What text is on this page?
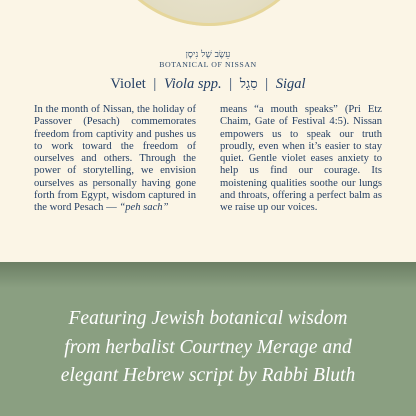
עֵשֶׂב שֶׁל נִיסָן
BOTANICAL OF NISSAN
Violet | Viola spp. | סִגַל | Sigal
In the month of Nissan, the holiday of Passover (Pesach) commemorates freedom from captivity and pushes us to work toward the freedom of ourselves and others. Through the power of storytelling, we envision ourselves as personally having gone forth from Egypt, wisdom captured in the word Pesach — “peh sach”
means “a mouth speaks” (Pri Etz Chaim, Gate of Festival 4:5). Nissan empowers us to speak our truth proudly, even when it’s easier to stay quiet. Gentle violet eases anxiety to help us find our courage. Its moistening qualities soothe our lungs and throats, offering a perfect balm as we raise up our voices.
Featuring Jewish botanical wisdom
from herbalist Courtney Merage and
elegant Hebrew script by Rabbi Bluth
